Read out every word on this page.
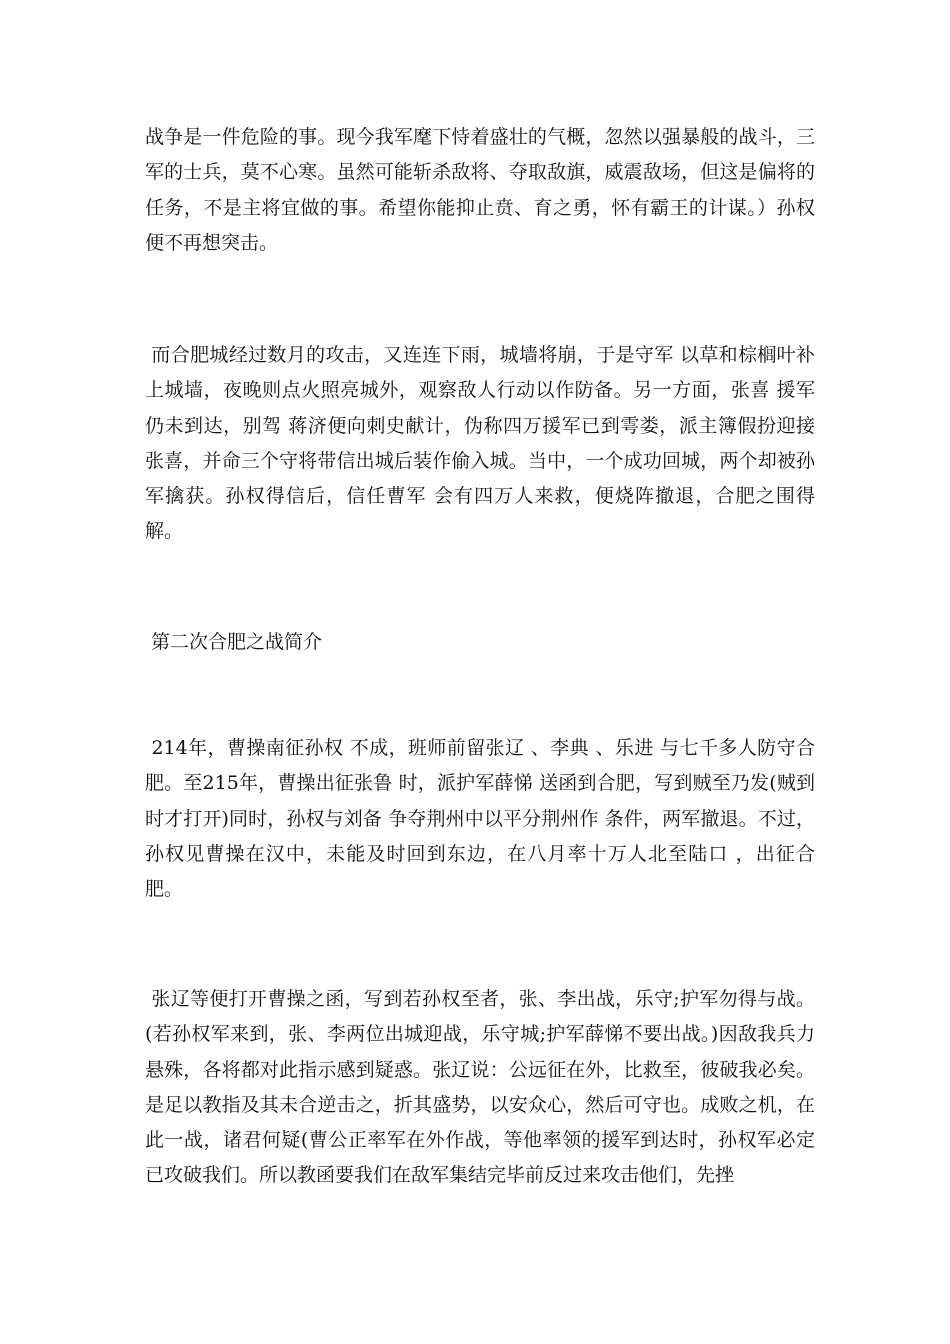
战争是一件危险的事。现今我军麾下恃着盛壮的气概，忽然以强暴般的战斗，三军的士兵，莫不心寒。虽然可能斩杀敌将、夺取敌旗，威震敌场，但这是偏将的任务，不是主将宜做的事。希望你能抑止贲、育之勇，怀有霸王的计谋。）孙权 便不再想突击。

而合肥城经过数月的攻击，又连连下雨，城墙将崩，于是守军 以草和棕榈叶补上城墙，夜晚则点火照亮城外，观察敌人行动以作防备。另一方面，张喜 援军仍未到达，别驾 蒋济便向刺史献计，伪称四万援军已到雩娄，派主簿假扮迎接张喜，并命三个守将带信出城后装作偷入城。当中，一个成功回城，两个却被孙军擒获。孙权得信后，信任曹军 会有四万人来救，便烧阵撤退，合肥之围得解。

第二次合肥之战简介

214年，曹操南征孙权 不成，班师前留张辽 、李典 、乐进 与七千多人防守合肥。至215年，曹操出征张鲁 时，派护军薛悌 送函到合肥，写到贼至乃发(贼到时才打开)同时，孙权与刘备 争夺荆州中以平分荆州作 条件，两军撤退。不过，孙权见曹操在汉中，未能及时回到东边，在八月率十万人北至陆口 ，出征合肥。

张辽等便打开曹操之函，写到若孙权至者，张、李出战，乐守;护军勿得与战。(若孙权军来到，张、李两位出城迎战，乐守城;护军薛悌不要出战。)因敌我兵力悬殊，各将都对此指示感到疑惑。张辽说：公远征在外，比救至，彼破我必矣。是足以教指及其未合逆击之，折其盛势，以安众心，然后可守也。成败之机，在此一战，诸君何疑(曹公正率军在外作战，等他率领的援军到达时，孙权军必定已攻破我们。所以教函要我们在敌军集结完毕前反过来攻击他们，先挫
